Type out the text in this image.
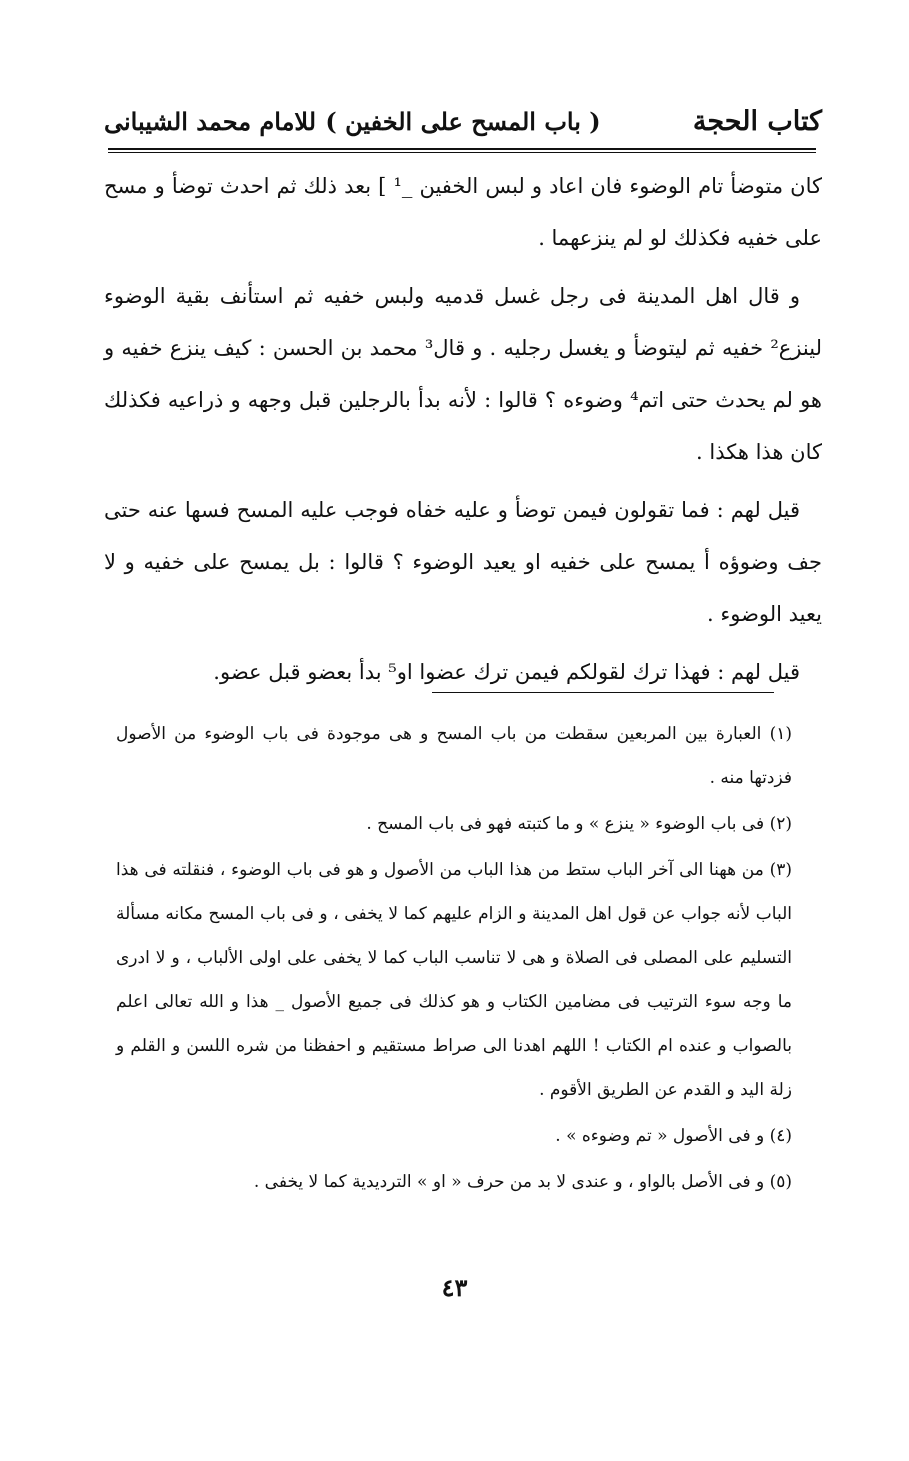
كتاب الحجة
( باب المسح على الخفين )
للامام محمد الشيبانى

كان متوضأ تام الوضوء فان اعاد و لبس الخفين _¹ ] بعد ذلك ثم احدث توضأ و مسح على خفيه فكذلك لو لم ينزعهما .

و قال اهل المدينة فى رجل غسل قدميه ولبس خفيه ثم استأنف بقية الوضوء لينزع² خفيه ثم ليتوضأ و يغسل رجليه . و قال³ محمد بن الحسن : كيف ينزع خفيه و هو لم يحدث حتى اتم⁴ وضوءه ؟ قالوا : لأنه بدأ بالرجلين قبل وجهه و ذراعيه فكذلك كان هذا هكذا .

قيل لهم : فما تقولون فيمن توضأ و عليه خفاه فوجب عليه المسح فسها عنه حتى جف وضوؤه أ يمسح على خفيه او يعيد الوضوء ؟ قالوا : بل يمسح على خفيه و لا يعيد الوضوء .

قيل لهم : فهذا ترك لقولكم فيمن ترك عضوا او⁵ بدأ بعضو قبل عضو.

(١) العبارة بين المربعين سقطت من باب المسح و هى موجودة فى باب الوضوء من الأصول فزدتها منه .

(٢) فى باب الوضوء « ينزع » و ما كتبته فهو فى باب المسح .

(٣) من ههنا الى آخر الباب ستط من هذا الباب من الأصول و هو فى باب الوضوء ، فنقلته فى هذا الباب لأنه جواب عن قول اهل المدينة و الزام عليهم كما لا يخفى ، و فى باب المسح مكانه مسألة التسليم على المصلى فى الصلاة و هى لا تناسب الباب كما لا يخفى على اولى الألباب ، و لا ادرى ما وجه سوء الترتيب فى مضامين الكتاب و هو كذلك فى جميع الأصول _ هذا و الله تعالى اعلم بالصواب و عنده ام الكتاب ! اللهم اهدنا الى صراط مستقيم و احفظنا من شره اللسن و القلم و زلة اليد و القدم عن الطريق الأقوم .

(٤) و فى الأصول « تم وضوءه » .

(٥) و فى الأصل بالواو ، و عندى لا بد من حرف « او » الترديدية كما لا يخفى .

٤٣
